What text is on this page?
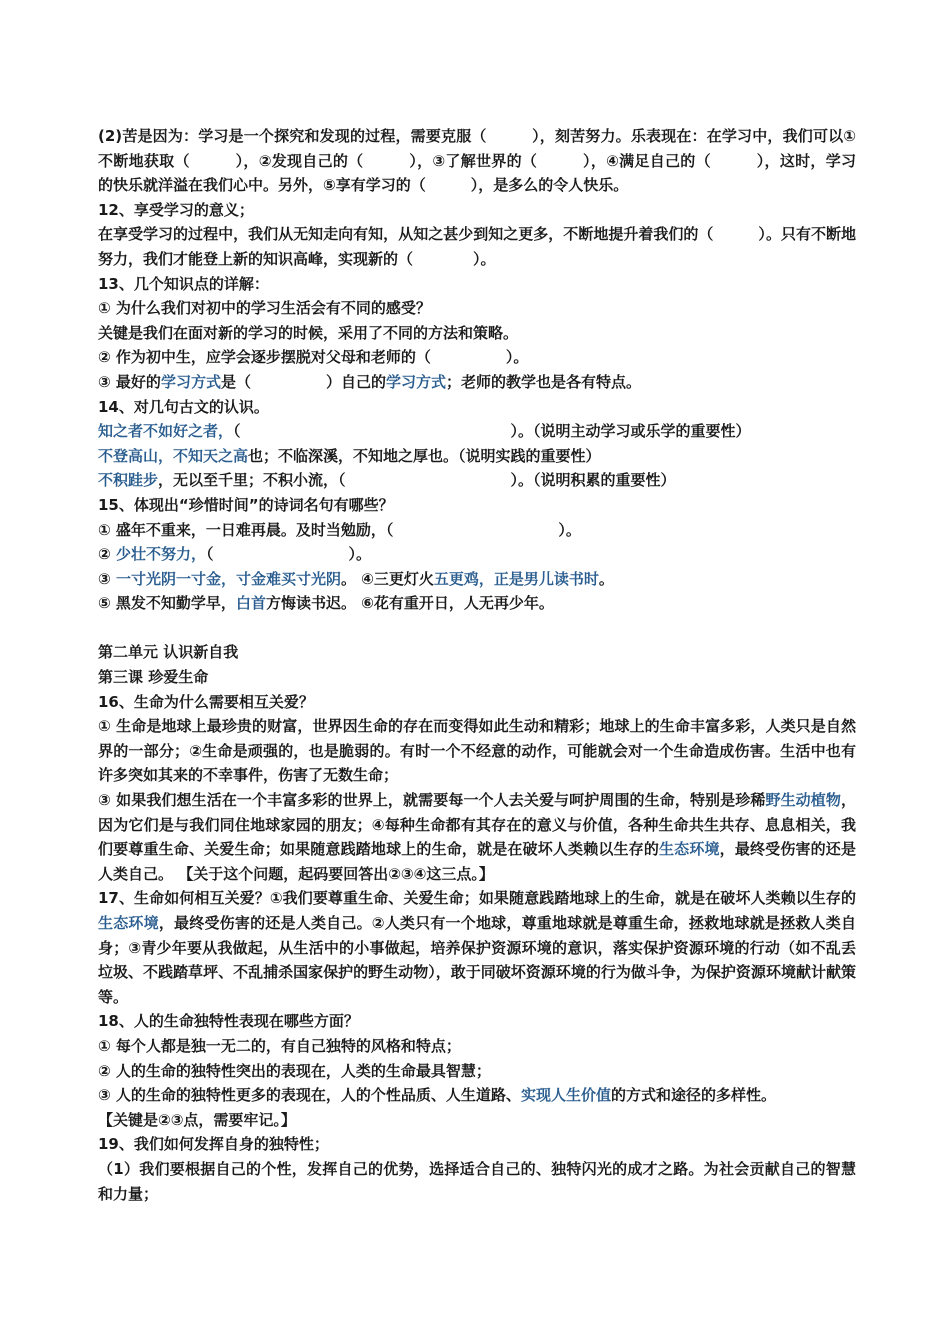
(2)苦是因为：学习是一个探究和发现的过程，需要克服（　　　），刻苦努力。乐表现在：在学习中，我们可以①不断地获取（　　　），②发现自己的（　　　），③了解世界的（　　　），④满足自己的（　　　），这时，学习的快乐就洋溢在我们心中。另外，⑤享有学习的（　　　），是多么的令人快乐。

12、享受学习的意义；

在享受学习的过程中，我们从无知走向有知，从知之甚少到知之更多，不断地提升着我们的（　　　）。只有不断地努力，我们才能登上新的知识高峰，实现新的（　　　　）。

13、几个知识点的详解：

① 为什么我们对初中的学习生活会有不同的感受？

关键是我们在面对新的学习的时候，采用了不同的方法和策略。

② 作为初中生，应学会逐步摆脱对父母和老师的（　　　　　）。

③ 最好的学习方式是（　　　　　）自己的学习方式；老师的教学也是各有特点。

14、对几句古文的认识。

知之者不如好之者，（　　　　　　　　　　　　　　　　　　）。（说明主动学习或乐学的重要性）

不登高山，不知天之高也；不临深溪，不知地之厚也。（说明实践的重要性）

不积跬步，无以至千里；不积小流，（　　　　　　　　　　　）。（说明积累的重要性）

15、体现出“珍惜时间”的诗词名句有哪些？

① 盛年不重来，一日难再晨。及时当勉励，（　　　　　　　　　　　）。

② 少壮不努力，（　　　　　　　　　）。

③ 一寸光阴一寸金，寸金难买寸光阴。 ④三更灯火五更鸡，正是男儿读书时。

⑤ 黑发不知勤学早，白首方悔读书迟。 ⑥花有重开日，人无再少年。

第二单元 认识新自我

第三课 珍爱生命

16、生命为什么需要相互关爱？

① 生命是地球上最珍贵的财富，世界因生命的存在而变得如此生动和精彩；地球上的生命丰富多彩，人类只是自然界的一部分；②生命是顽强的，也是脆弱的。有时一个不经意的动作，可能就会对一个生命造成伤害。生活中也有许多突如其来的不幸事件，伤害了无数生命；

③ 如果我们想生活在一个丰富多彩的世界上，就需要每一个人去关爱与呵护周围的生命，特别是珍稀野生动植物，因为它们是与我们同住地球家园的朋友；④每种生命都有其存在的意义与价值，各种生命共生共存、息息相关，我们要尊重生命、关爱生命；如果随意践踏地球上的生命，就是在破坏人类赖以生存的生态环境，最终受伤害的还是人类自己。 【关于这个问题，起码要回答出②③④这三点。】

17、生命如何相互关爱？①我们要尊重生命、关爱生命；如果随意践踏地球上的生命，就是在破坏人类赖以生存的生态环境，最终受伤害的还是人类自己。②人类只有一个地球，尊重地球就是尊重生命，拯救地球就是拯救人类自身；③青少年要从我做起，从生活中的小事做起，培养保护资源环境的意识，落实保护资源环境的行动（如不乱丢垃圾、不践踏草坪、不乱捕杀国家保护的野生动物），敢于同破坏资源环境的行为做斗争，为保护资源环境献计献策等。

18、人的生命独特性表现在哪些方面？

① 每个人都是独一无二的，有自己独特的风格和特点；

② 人的生命的独特性突出的表现在，人类的生命最具智慧；

③ 人的生命的独特性更多的表现在，人的个性品质、人生道路、实现人生价值的方式和途径的多样性。

【关键是②③点，需要牢记。】

19、我们如何发挥自身的独特性；

（1）我们要根据自己的个性，发挥自己的优势，选择适合自己的、独特闪光的成才之路。为社会贡献自己的智慧和力量；
